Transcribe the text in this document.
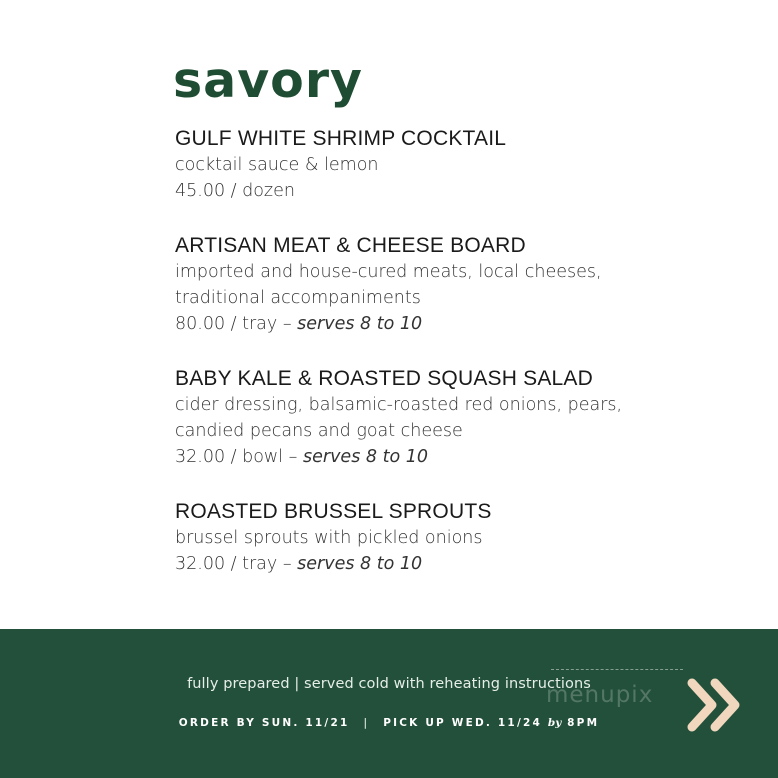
savory
GULF WHITE SHRIMP COCKTAIL
cocktail sauce & lemon
45.00 / dozen
ARTISAN MEAT & CHEESE BOARD
imported and house-cured meats, local cheeses,
traditional accompaniments
80.00 / tray – serves 8 to 10
BABY KALE & ROASTED SQUASH SALAD
cider dressing, balsamic-roasted red onions, pears,
candied pecans and goat cheese
32.00 / bowl – serves 8 to 10
ROASTED BRUSSEL SPROUTS
brussel sprouts with pickled onions
32.00 / tray – serves 8 to 10
fully prepared | served cold with reheating instructions
ORDER BY SUN. 11/21 | PICK UP WED. 11/24 by 8PM
menupix
